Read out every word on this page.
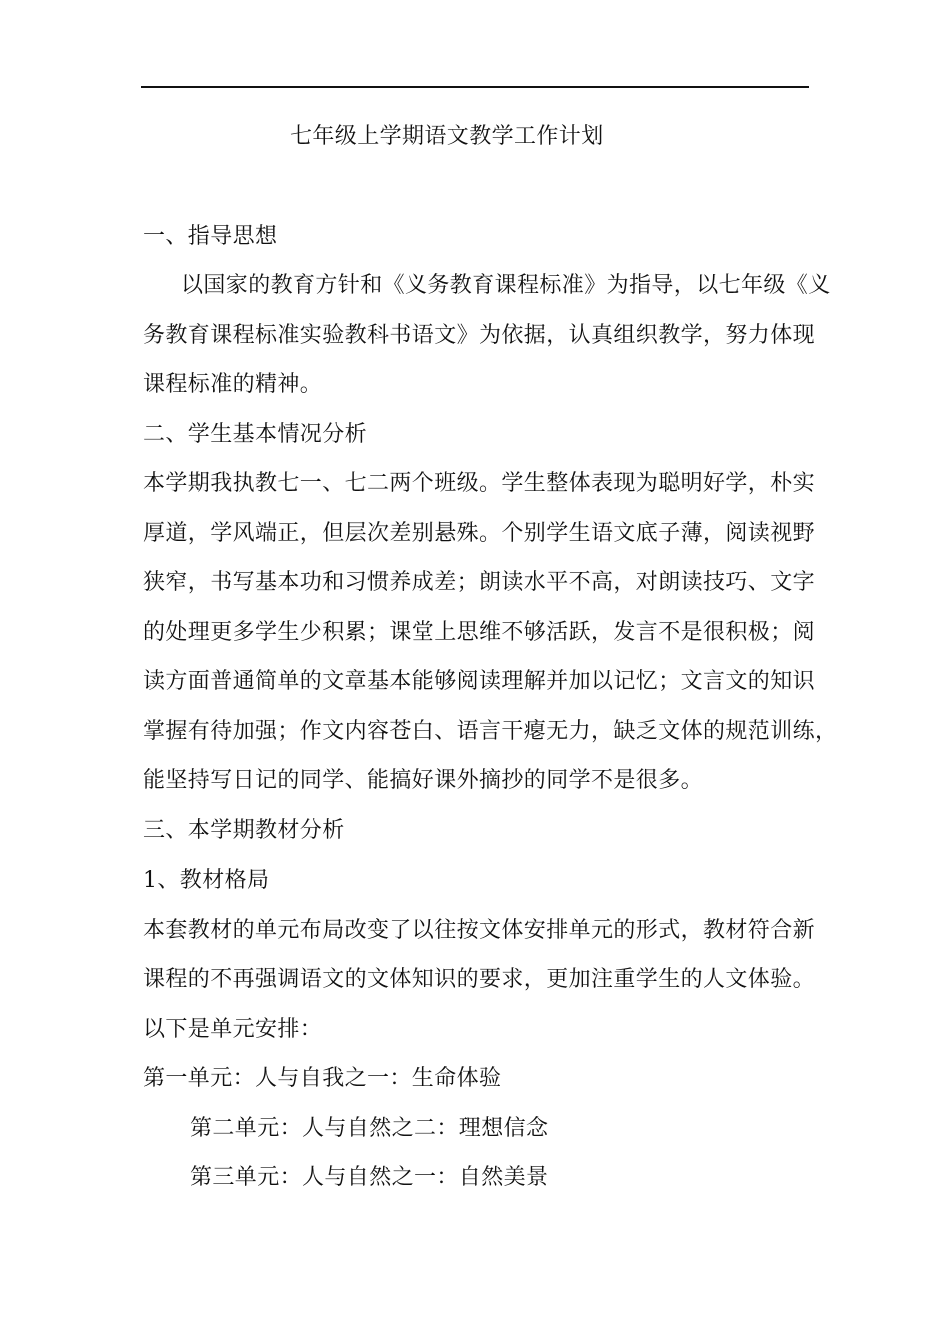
七年级上学期语文教学工作计划
一、指导思想
以国家的教育方针和《义务教育课程标准》为指导，以七年级《义
务教育课程标准实验教科书语文》为依据，认真组织教学，努力体现
课程标准的精神。
二、学生基本情况分析
本学期我执教七一、七二两个班级。学生整体表现为聪明好学，朴实
厚道，学风端正，但层次差别悬殊。个别学生语文底子薄，阅读视野
狭窄，书写基本功和习惯养成差；朗读水平不高，对朗读技巧、文字
的处理更多学生少积累；课堂上思维不够活跃，发言不是很积极；阅
读方面普通简单的文章基本能够阅读理解并加以记忆；文言文的知识
掌握有待加强；作文内容苍白、语言干瘪无力，缺乏文体的规范训练，
能坚持写日记的同学、能搞好课外摘抄的同学不是很多。
三、本学期教材分析
1、教材格局
本套教材的单元布局改变了以往按文体安排单元的形式，教材符合新
课程的不再强调语文的文体知识的要求，更加注重学生的人文体验。
以下是单元安排：
第一单元：人与自我之一：生命体验
第二单元：人与自然之二：理想信念
第三单元：人与自然之一：自然美景
